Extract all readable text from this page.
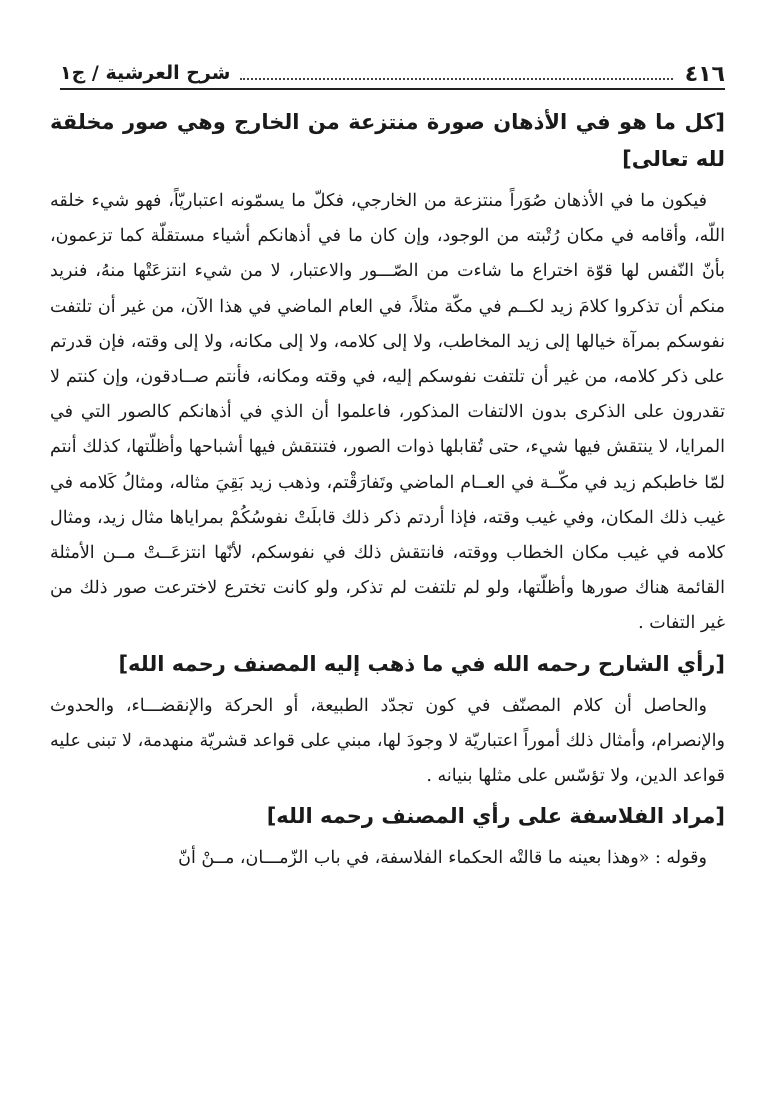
٤١٦
شرح العرشية / ج١
[كل ما هو في الأذهان صورة منتزعة من الخارج وهي صور مخلقة لله تعالى]

فيكون ما في الأذهان صُوَراً منتزعة من الخارجي، فكلّ ما يسمّونه اعتباريّاً، فهو شيء خلقه اللّه، وأقامه في مكان رُتْبته من الوجود، وإن كان ما في أذهانكم أشياء مستقلّة كما تزعمون، بأنّ النّفس لها قوّة اختراع ما شاءت من الصّـــور والاعتبار، لا من شيء انتزعَتْها منهُ، فنريد منكم أن تذكروا كلامَ زيد لكــم في مكّة مثلاً، في العام الماضي في هذا الآن، من غير أن تلتفت نفوسكم بمرآة خيالها إلى زيد المخاطب، ولا إلى كلامه، ولا إلى مكانه، ولا إلى وقته، فإن قدرتم على ذكر كلامه، من غير أن تلتفت نفوسكم إليه، في وقته ومكانه، فأنتم صــادقون، وإن كنتم لا تقدرون على الذكرى بدون الالتفات المذكور، فاعلموا أن الذي في أذهانكم كالصور التي في المرايا، لا ينتقش فيها شيء، حتى تُقابلها ذوات الصور، فتنتقش فيها أشباحها وأظلّتها، كذلك أنتم لمّا خاطبكم زيد في مكّــة في العــام الماضي وتَفارَقْتم، وذهب زيد بَقِيَ مثاله، ومثالُ كَلامه في غيب ذلك المكان، وفي غيب وقته، فإذا أردتم ذكر ذلك قابلَتْ نفوسُكُمْ بمراياها مثال زيد، ومثال كلامه في غيب مكان الخطاب ووقته، فانتقش ذلك في نفوسكم، لأنّها انتزعَــتْ مــن الأمثلة القائمة هناك صورها وأظلّتها، ولو لم تلتفت لم تذكر، ولو كانت تخترع لاخترعت صور ذلك من غير التفات .

[رأي الشارح رحمه الله في ما ذهب إليه المصنف رحمه الله]

والحاصل أن كلام المصنّف في كون تجدّد الطبيعة، أو الحركة والإنقضـــاء، والحدوث والإنصرام، وأمثال ذلك أموراً اعتباريّة لا وجودَ لها، مبني على قواعد قشريّة منهدمة، لا تبنى عليه قواعد الدين، ولا تؤسّس على مثلها بنيانه .

[مراد الفلاسفة على رأي المصنف رحمه الله]

وقوله : «وهذا بعينه ما قالتْه الحكماء الفلاسفة، في باب الزّمـــان، مــنْ أنّ
